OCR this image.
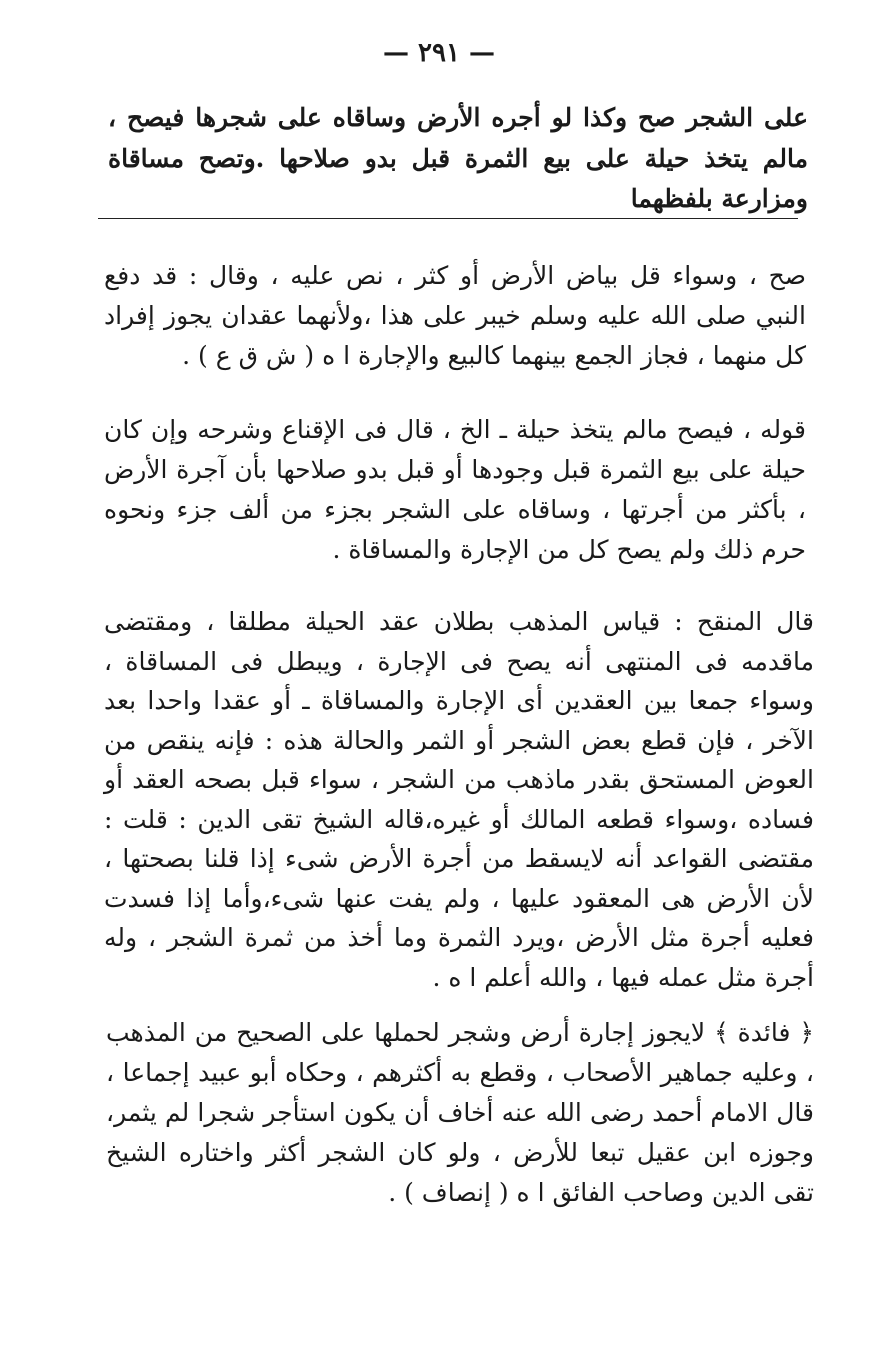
— ٢٩١ —

على الشجر صح وكذا لو أجره الأرض وساقاه على شجرها فيصح ، مالم يتخذ حيلة على بيع الثمرة قبل بدو صلاحها .وتصح مساقاة ومزارعة بلفظهما

صح ، وسواء قل بياض الأرض أو كثر ، نص عليه ، وقال : قد دفع النبي صلى الله عليه وسلم خيبر على هذا ،ولأنهما عقدان يجوز إفراد كل منهما ، فجاز الجمع بينهما كالبيع والإجارة ا ه ( ش ق ع ) .

قوله ، فيصح مالم يتخذ حيلة ـ الخ ، قال فى الإقناع وشرحه وإن كان حيلة على بيع الثمرة قبل وجودها أو قبل بدو صلاحها بأن آجرة الأرض ، بأكثر من أجرتها ، وساقاه على الشجر بجزء من ألف جزء ونحوه حرم ذلك ولم يصح كل من الإجارة والمساقاة .

قال المنقح : قياس المذهب بطلان عقد الحيلة مطلقا ، ومقتضى ماقدمه فى المنتهى أنه يصح فى الإجارة ، ويبطل فى المساقاة ، وسواء جمعا بين العقدين أى الإجارة والمساقاة ـ أو عقدا واحدا بعد الآخر ، فإن قطع بعض الشجر أو الثمر والحالة هذه : فإنه ينقص من العوض المستحق بقدر ماذهب من الشجر ، سواء قبل بصحه العقد أو فساده ،وسواء قطعه المالك أو غيره،قاله الشيخ تقى الدين : قلت : مقتضى القواعد أنه لايسقط من أجرة الأرض شىء إذا قلنا بصحتها ، لأن الأرض هى المعقود عليها ، ولم يفت عنها شىء،وأما إذا فسدت فعليه أجرة مثل الأرض ،ويرد الثمرة وما أخذ من ثمرة الشجر ، وله أجرة مثل عمله فيها ، والله أعلم ا ه .

﴿ فائدة ﴾ لايجوز إجارة أرض وشجر لحملها على الصحيح من المذهب ، وعليه جماهير الأصحاب ، وقطع به أكثرهم ، وحكاه أبو عبيد إجماعا ، قال الامام أحمد رضى الله عنه أخاف أن يكون استأجر شجرا لم يثمر، وجوزه ابن عقيل تبعا للأرض ، ولو كان الشجر أكثر واختاره الشيخ تقى الدين وصاحب الفائق ا ه ( إنصاف ) .
